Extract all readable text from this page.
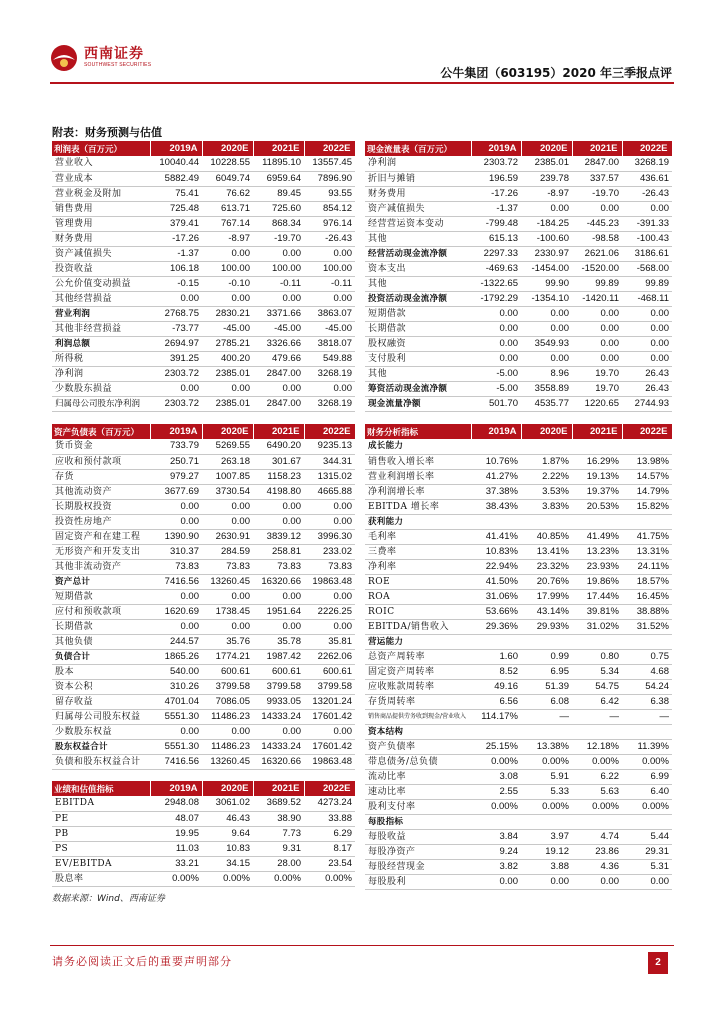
西南证券
SOUTHWEST SECURITIES
公牛集团（603195）2020 年三季报点评
附表：财务预测与估值
利润表（百万元）	2019A	2020E	2021E	2022E
营业收入	10040.44	10228.55	11895.10	13557.45
营业成本	5882.49	6049.74	6959.64	7896.90
营业税金及附加	75.41	76.62	89.45	93.55
销售费用	725.48	613.71	725.60	854.12
管理费用	379.41	767.14	868.34	976.14
财务费用	-17.26	-8.97	-19.70	-26.43
资产减值损失	-1.37	0.00	0.00	0.00
投资收益	106.18	100.00	100.00	100.00
公允价值变动损益	-0.15	-0.10	-0.11	-0.11
其他经营损益	0.00	0.00	0.00	0.00
营业利润	2768.75	2830.21	3371.66	3863.07
其他非经营损益	-73.77	-45.00	-45.00	-45.00
利润总额	2694.97	2785.21	3326.66	3818.07
所得税	391.25	400.20	479.66	549.88
净利润	2303.72	2385.01	2847.00	3268.19
少数股东损益	0.00	0.00	0.00	0.00
归属母公司股东净利润	2303.72	2385.01	2847.00	3268.19
现金流量表（百万元）	2019A	2020E	2021E	2022E
净利润	2303.72	2385.01	2847.00	3268.19
折旧与摊销	196.59	239.78	337.57	436.61
财务费用	-17.26	-8.97	-19.70	-26.43
资产减值损失	-1.37	0.00	0.00	0.00
经营营运资本变动	-799.48	-184.25	-445.23	-391.33
其他	615.13	-100.60	-98.58	-100.43
经营活动现金流净额	2297.33	2330.97	2621.06	3186.61
资本支出	-469.63	-1454.00	-1520.00	-568.00
其他	-1322.65	99.90	99.89	99.89
投资活动现金流净额	-1792.29	-1354.10	-1420.11	-468.11
短期借款	0.00	0.00	0.00	0.00
长期借款	0.00	0.00	0.00	0.00
股权融资	0.00	3549.93	0.00	0.00
支付股利	0.00	0.00	0.00	0.00
其他	-5.00	8.96	19.70	26.43
筹资活动现金流净额	-5.00	3558.89	19.70	26.43
现金流量净额	501.70	4535.77	1220.65	2744.93
资产负债表（百万元）	2019A	2020E	2021E	2022E
货币资金	733.79	5269.55	6490.20	9235.13
应收和预付款项	250.71	263.18	301.67	344.31
存货	979.27	1007.85	1158.23	1315.02
其他流动资产	3677.69	3730.54	4198.80	4665.88
长期股权投资	0.00	0.00	0.00	0.00
投资性房地产	0.00	0.00	0.00	0.00
固定资产和在建工程	1390.90	2630.91	3839.12	3996.30
无形资产和开发支出	310.37	284.59	258.81	233.02
其他非流动资产	73.83	73.83	73.83	73.83
资产总计	7416.56	13260.45	16320.66	19863.48
短期借款	0.00	0.00	0.00	0.00
应付和预收款项	1620.69	1738.45	1951.64	2226.25
长期借款	0.00	0.00	0.00	0.00
其他负债	244.57	35.76	35.78	35.81
负债合计	1865.26	1774.21	1987.42	2262.06
股本	540.00	600.61	600.61	600.61
资本公积	310.26	3799.58	3799.58	3799.58
留存收益	4701.04	7086.05	9933.05	13201.24
归属母公司股东权益	5551.30	11486.23	14333.24	17601.42
少数股东权益	0.00	0.00	0.00	0.00
股东权益合计	5551.30	11486.23	14333.24	17601.42
负债和股东权益合计	7416.56	13260.45	16320.66	19863.48
财务分析指标	2019A	2020E	2021E	2022E
成长能力				
销售收入增长率	10.76%	1.87%	16.29%	13.98%
营业利润增长率	41.27%	2.22%	19.13%	14.57%
净利润增长率	37.38%	3.53%	19.37%	14.79%
EBITDA 增长率	38.43%	3.83%	20.53%	15.82%
获利能力				
毛利率	41.41%	40.85%	41.49%	41.75%
三费率	10.83%	13.41%	13.23%	13.31%
净利率	22.94%	23.32%	23.93%	24.11%
ROE	41.50%	20.76%	19.86%	18.57%
ROA	31.06%	17.99%	17.44%	16.45%
ROIC	53.66%	43.14%	39.81%	38.88%
EBITDA/销售收入	29.36%	29.93%	31.02%	31.52%
营运能力				
总资产周转率	1.60	0.99	0.80	0.75
固定资产周转率	8.52	6.95	5.34	4.68
应收账款周转率	49.16	51.39	54.75	54.24
存货周转率	6.56	6.08	6.42	6.38
销售商品提供劳务收到现金/营业收入	114.17%	—	—	—
资本结构				
资产负债率	25.15%	13.38%	12.18%	11.39%
带息债务/总负债	0.00%	0.00%	0.00%	0.00%
流动比率	3.08	5.91	6.22	6.99
速动比率	2.55	5.33	5.63	6.40
股利支付率	0.00%	0.00%	0.00%	0.00%
每股指标				
每股收益	3.84	3.97	4.74	5.44
每股净资产	9.24	19.12	23.86	29.31
每股经营现金	3.82	3.88	4.36	5.31
每股股利	0.00	0.00	0.00	0.00
业绩和估值指标	2019A	2020E	2021E	2022E
EBITDA	2948.08	3061.02	3689.52	4273.24
PE	48.07	46.43	38.90	33.88
PB	19.95	9.64	7.73	6.29
PS	11.03	10.83	9.31	8.17
EV/EBITDA	33.21	34.15	28.00	23.54
股息率	0.00%	0.00%	0.00%	0.00%
数据来源：Wind、西南证券
请务必阅读正文后的重要声明部分	2
